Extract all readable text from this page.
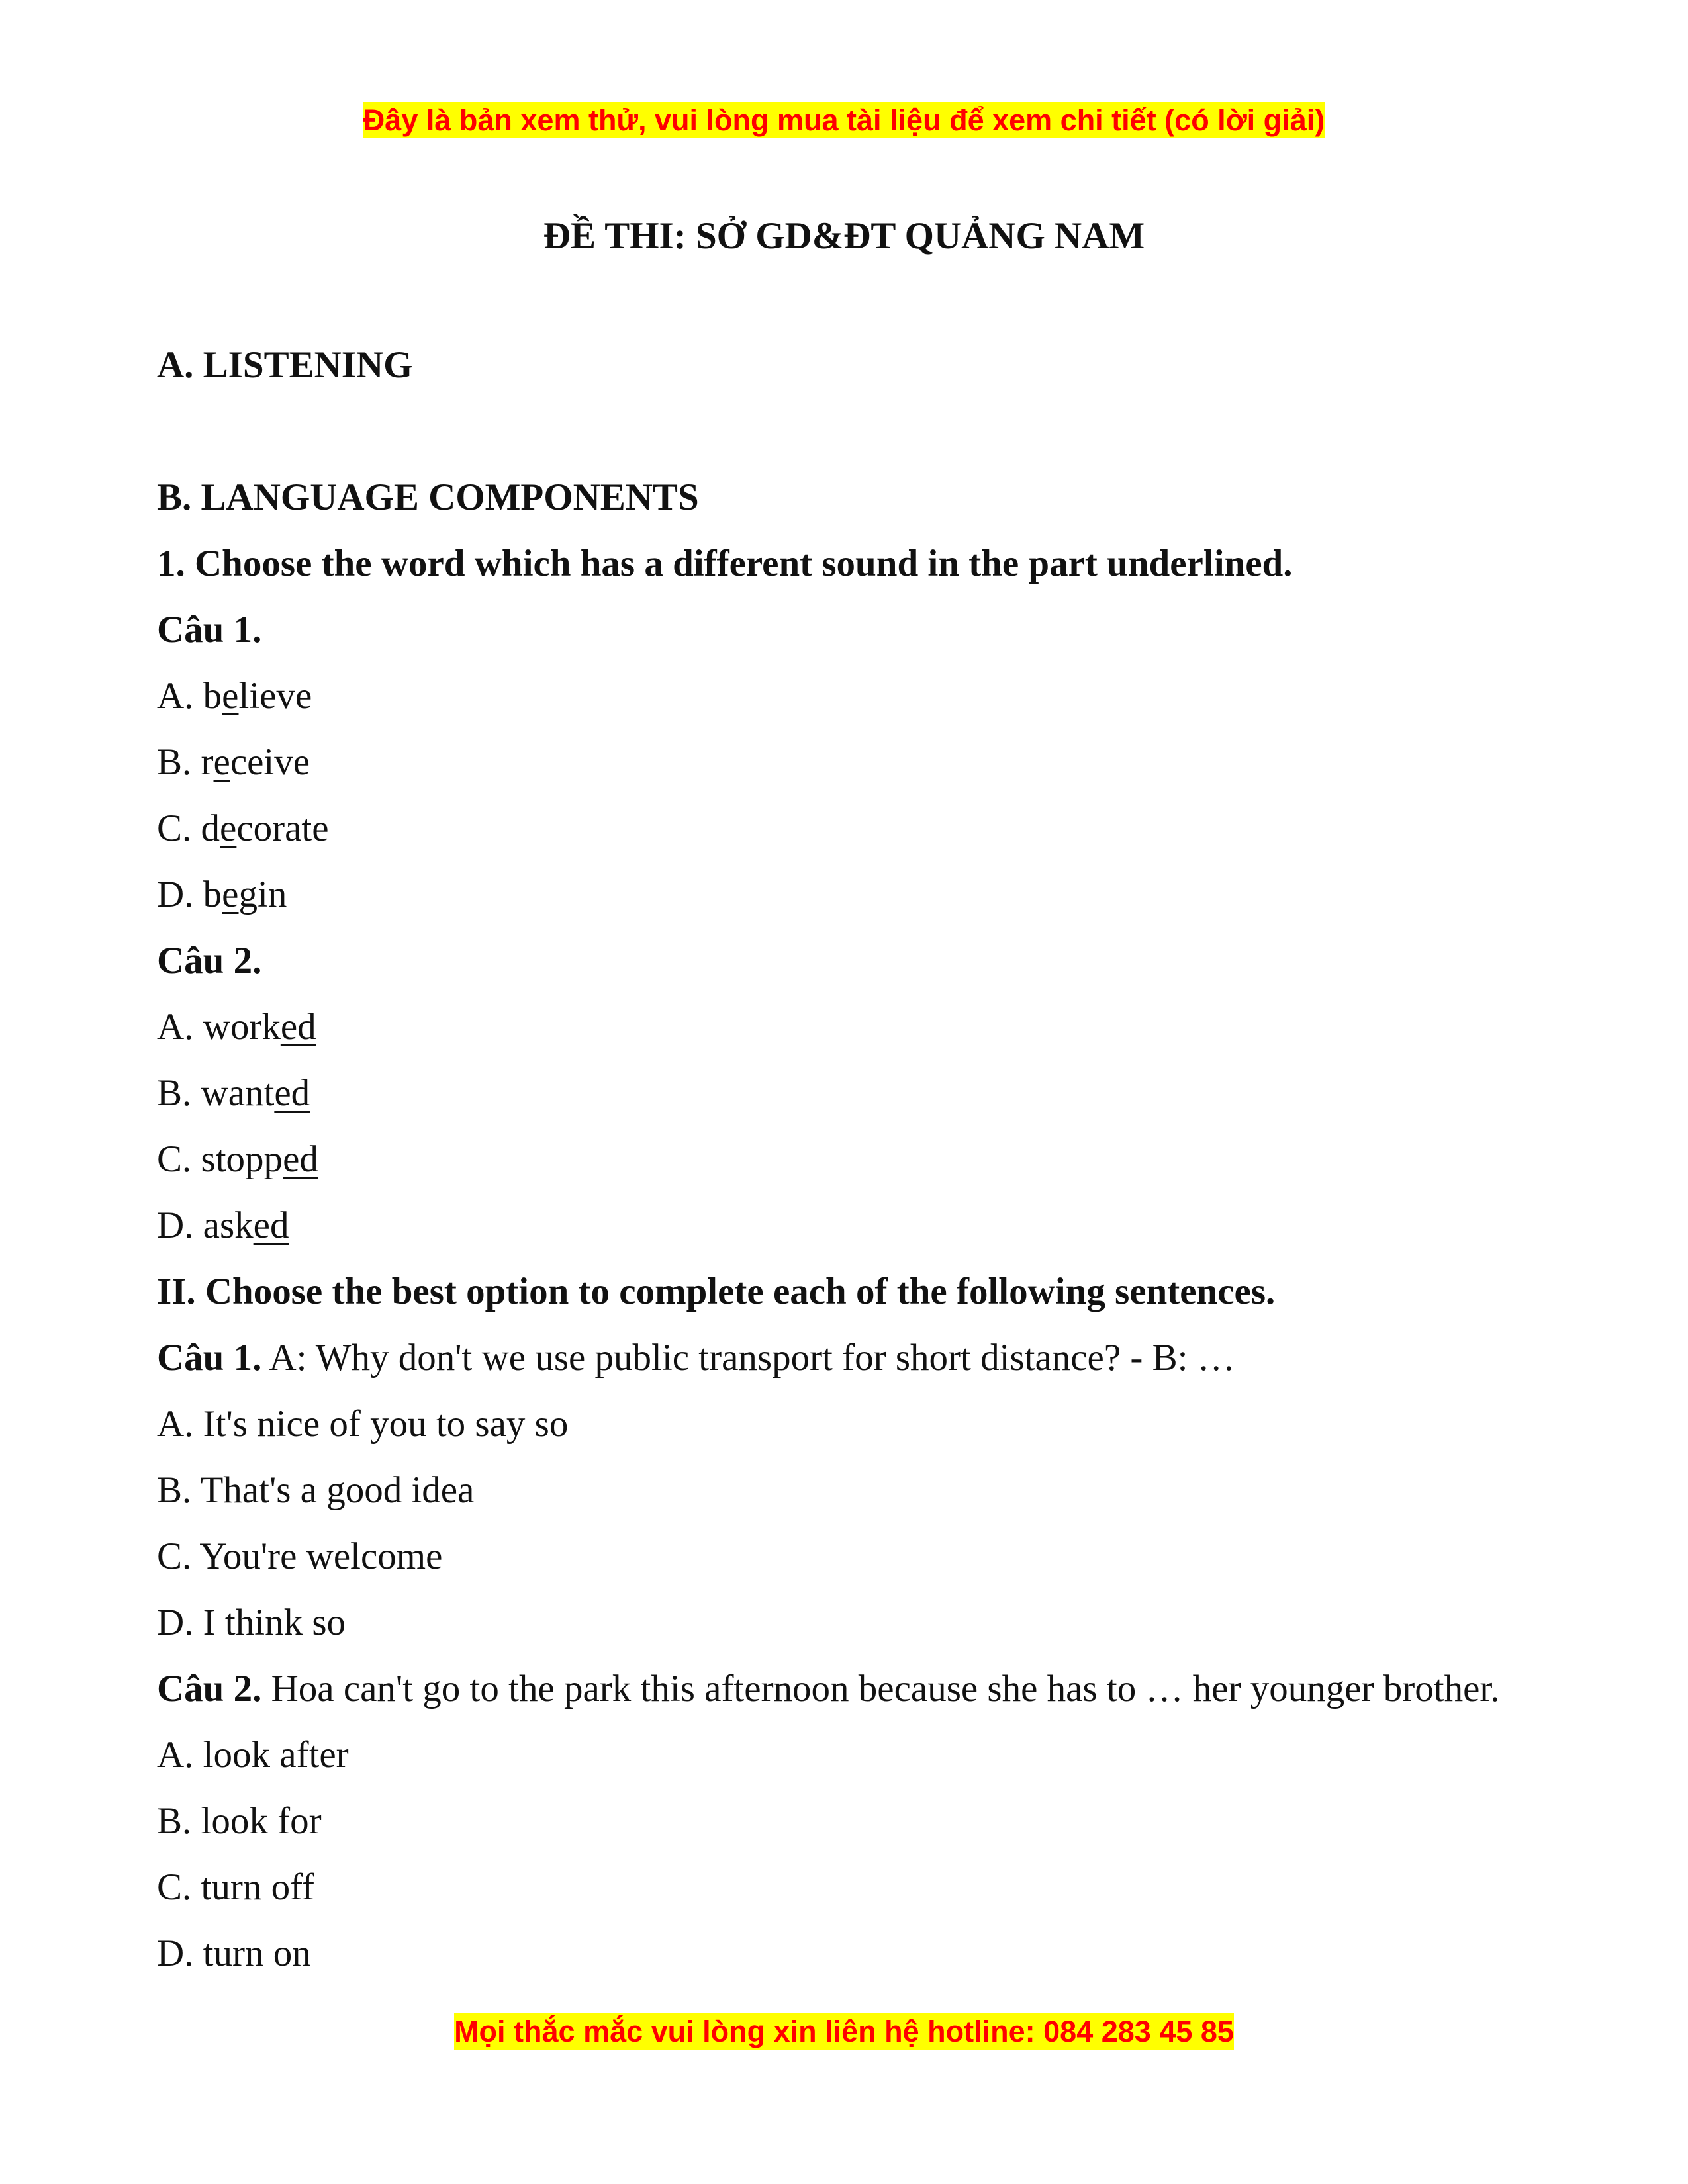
Đây là bản xem thử, vui lòng mua tài liệu để xem chi tiết (có lời giải)
ĐỀ THI: SỞ GD&ĐT QUẢNG NAM
A. LISTENING
B. LANGUAGE COMPONENTS
1. Choose the word which has a different sound in the part underlined.
Câu 1.
A. believe
B. receive
C. decorate
D. begin
Câu 2.
A. worked
B. wanted
C. stopped
D. asked
II. Choose the best option to complete each of the following sentences.
Câu 1. A: Why don't we use public transport for short distance? - B: …
A. It's nice of you to say so
B. That's a good idea
C. You're welcome
D. I think so
Câu 2. Hoa can't go to the park this afternoon because she has to … her younger brother.
A. look after
B. look for
C. turn off
D. turn on
Mọi thắc mắc vui lòng xin liên hệ hotline: 084 283 45 85
